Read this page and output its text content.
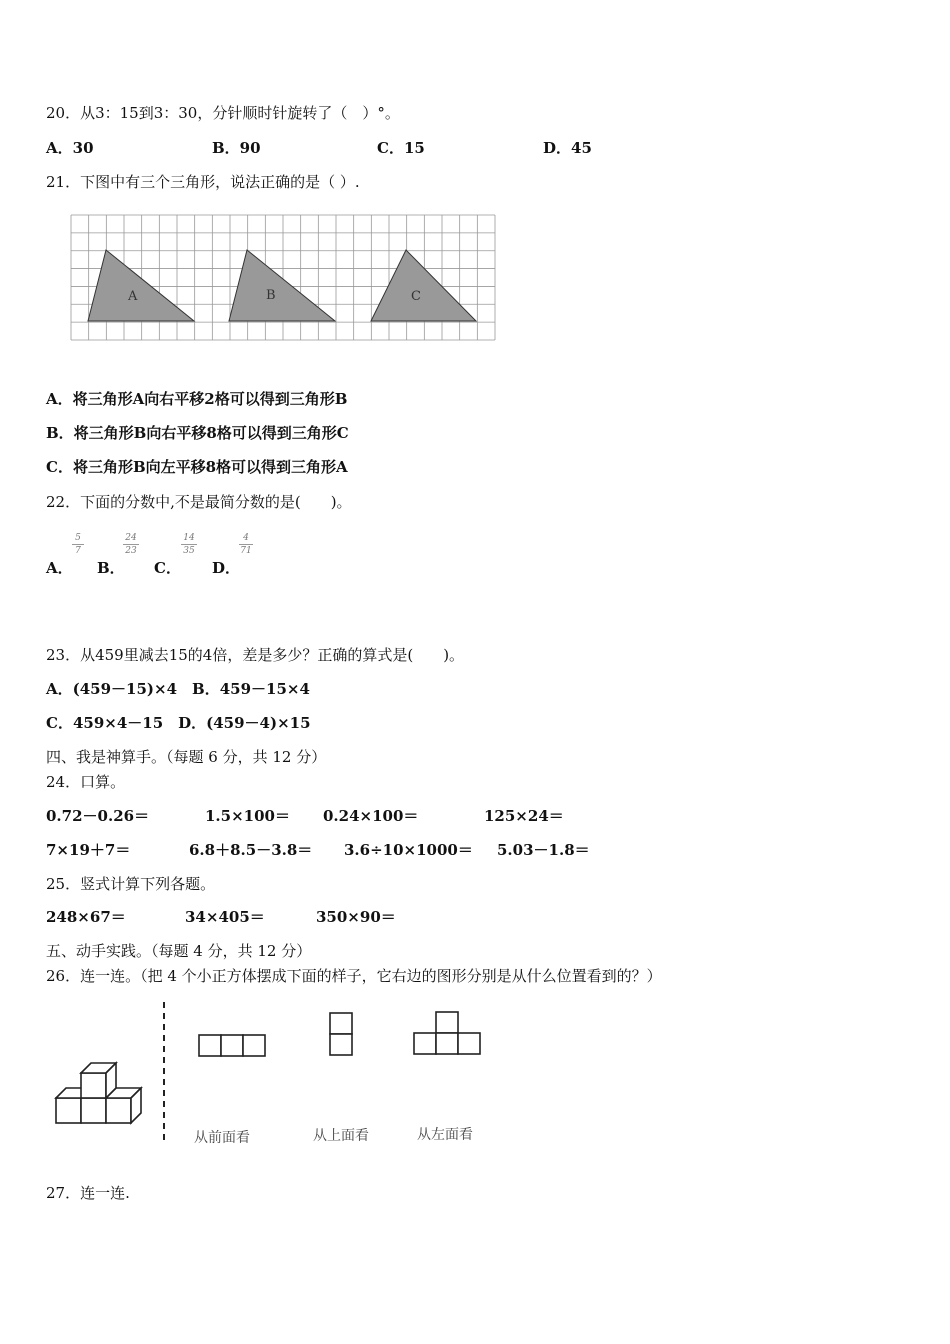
20．从3：15到3：30，分针顺时针旋转了（　）°。
A．30	B．90	C．15	D．45
21．下图中有三个三角形，说法正确的是（ ）.
A	B	C
A．将三角形A向右平移2格可以得到三角形B
B．将三角形B向右平移8格可以得到三角形C
C．将三角形B向左平移8格可以得到三角形A
22．下面的分数中,不是最简分数的是(　　)。
A．
5
7
B．
24
23
C．
14
35
D．
4
71
23．从459里减去15的4倍，差是多少？正确的算式是(　　)。
A．(459－15)×4　B．459－15×4
C．459×4－15　D．(459－4)×15
四、我是神算手。（每题 6 分，共 12 分）
24．口算。
0.72－0.26＝	1.5×100＝ 0.24×100＝	125×24＝
7×19＋7＝	6.8＋8.5－3.8＝ 3.6÷10×1000＝ 5.03－1.8＝
25．竖式计算下列各题。
248×67＝	34×405＝	350×90＝
五、动手实践。（每题 4 分，共 12 分）
26．连一连。（把 4 个小正方体摆成下面的样子，它右边的图形分别是从什么位置看到的？）
从前面看	从上面看	从左面看
27．连一连.
